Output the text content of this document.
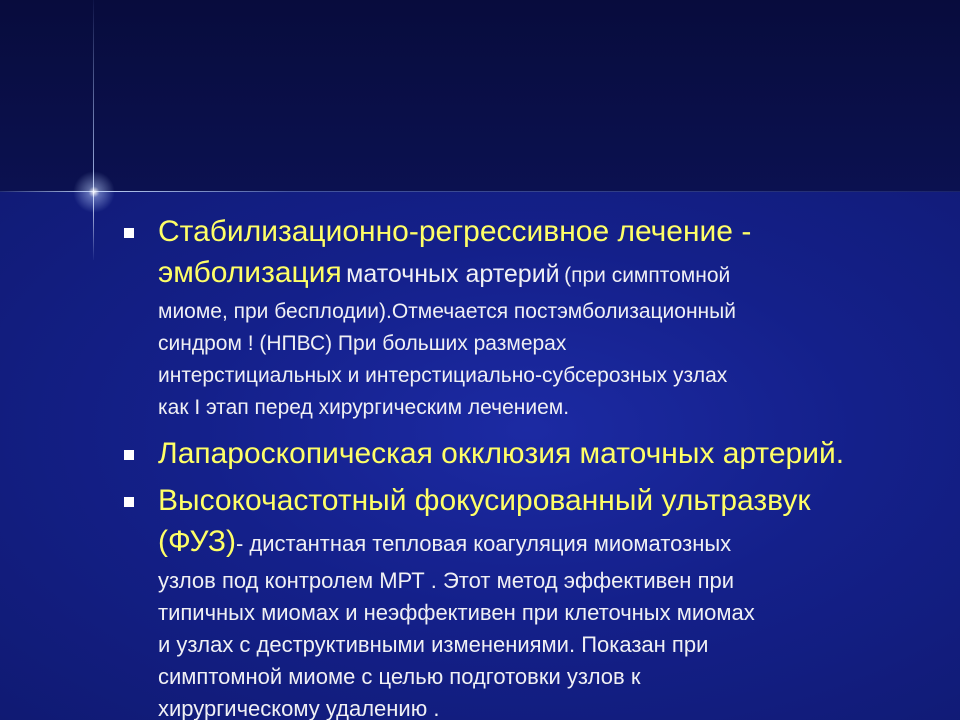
Стабилизационно-регрессивное лечение -

эмболизация маточных артерий (при симптомной

миоме, при бесплодии).Отмечается постэмболизационный

синдром ! (НПВС) При больших размерах

интерстициальных и интерстициально-субсерозных узлах

как I этап перед хирургическим лечением.

Лапароскопическая окклюзия маточных артерий.

Высокочастотный фокусированный ультразвук

(ФУЗ)- дистантная тепловая коагуляция миоматозных

узлов под контролем МРТ . Этот метод эффективен при

типичных миомах и неэффективен при клеточных миомах

и узлах с деструктивными изменениями. Показан при

симптомной миоме с целью подготовки узлов к

хирургическому удалению .
